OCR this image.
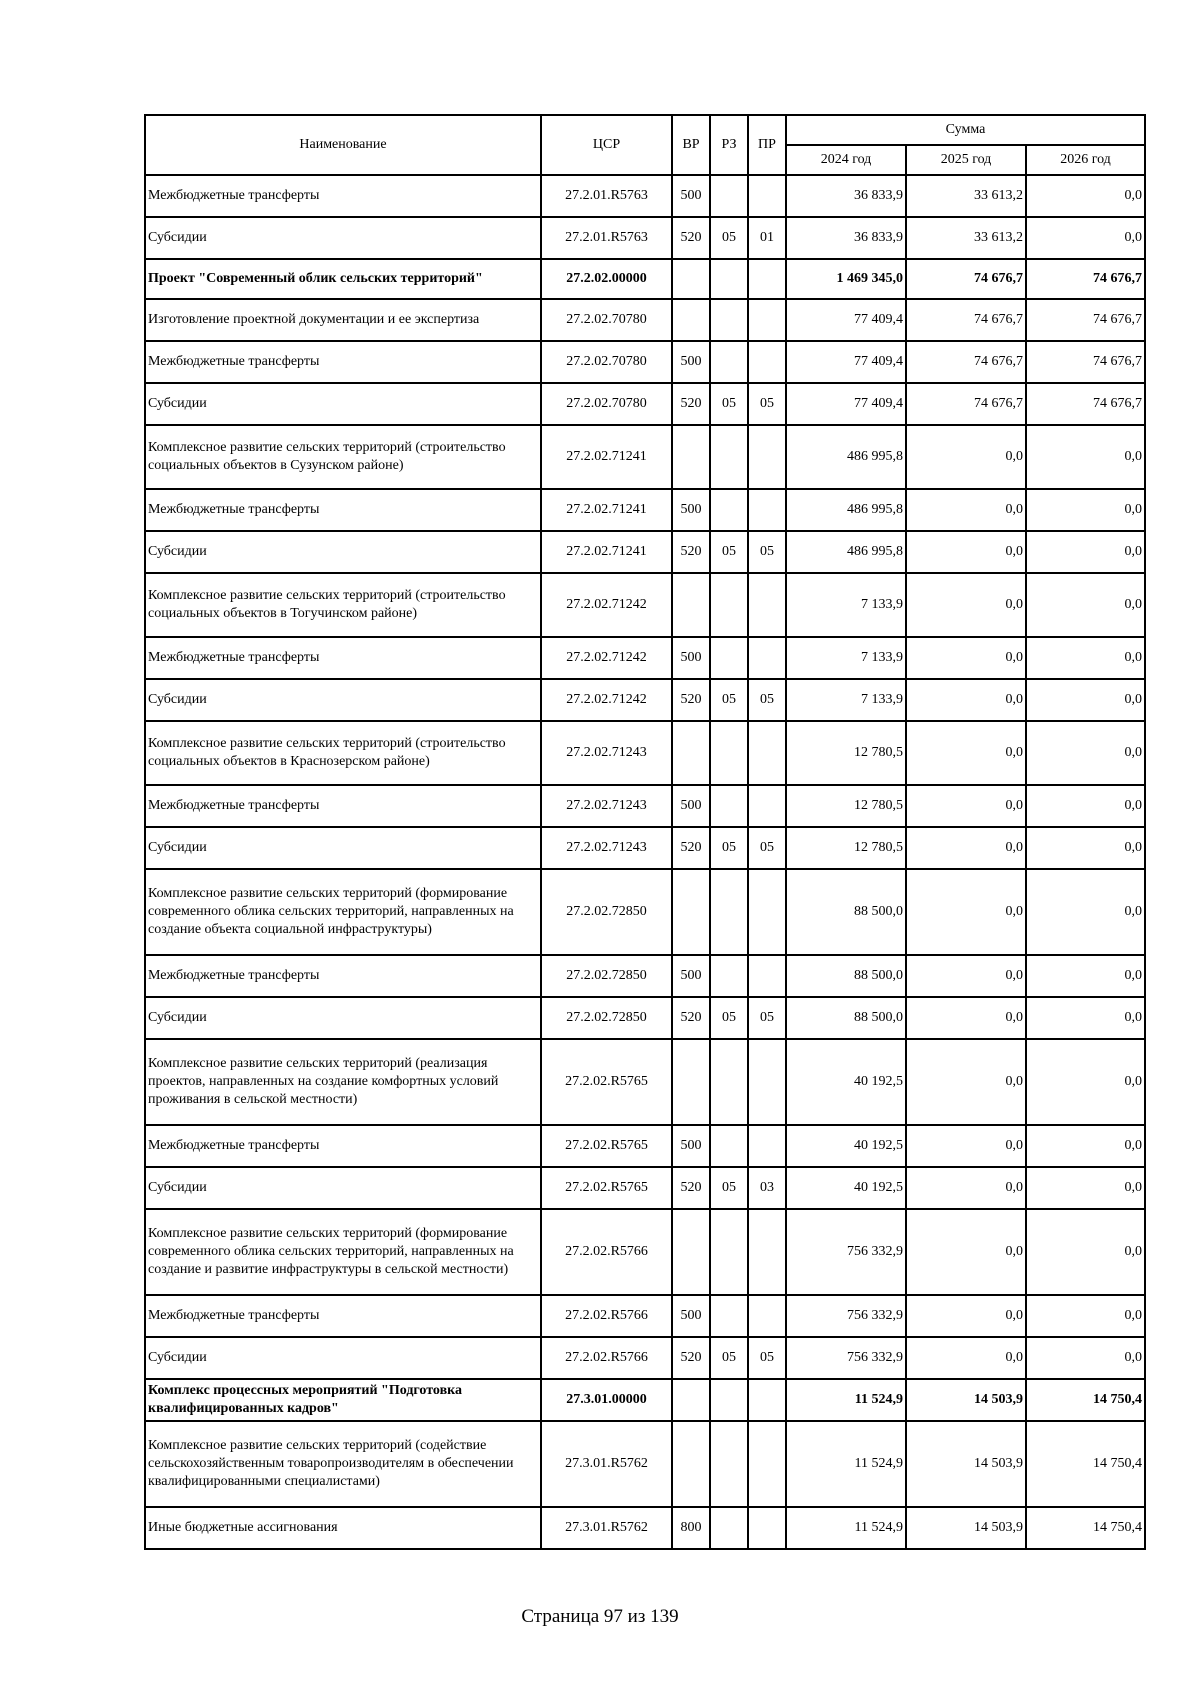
Наименование	ЦСР	ВР	РЗ	ПР	Сумма		
					2024 год	2025 год	2026 год
Межбюджетные трансферты	27.2.01.R5763	500			36 833,9	33 613,2	0,0
Субсидии	27.2.01.R5763	520	05	01	36 833,9	33 613,2	0,0
Проект "Современный облик сельских территорий"	27.2.02.00000				1 469 345,0	74 676,7	74 676,7
Изготовление проектной документации и ее экспертиза	27.2.02.70780				77 409,4	74 676,7	74 676,7
Межбюджетные трансферты	27.2.02.70780	500			77 409,4	74 676,7	74 676,7
Субсидии	27.2.02.70780	520	05	05	77 409,4	74 676,7	74 676,7
Комплексное развитие сельских территорий (строительство социальных объектов в Сузунском районе)	27.2.02.71241				486 995,8	0,0	0,0
Межбюджетные трансферты	27.2.02.71241	500			486 995,8	0,0	0,0
Субсидии	27.2.02.71241	520	05	05	486 995,8	0,0	0,0
Комплексное развитие сельских территорий (строительство социальных объектов в Тогучинском районе)	27.2.02.71242				7 133,9	0,0	0,0
Межбюджетные трансферты	27.2.02.71242	500			7 133,9	0,0	0,0
Субсидии	27.2.02.71242	520	05	05	7 133,9	0,0	0,0
Комплексное развитие сельских территорий (строительство социальных объектов в Краснозерском районе)	27.2.02.71243				12 780,5	0,0	0,0
Межбюджетные трансферты	27.2.02.71243	500			12 780,5	0,0	0,0
Субсидии	27.2.02.71243	520	05	05	12 780,5	0,0	0,0
Комплексное развитие сельских территорий (формирование современного облика сельских территорий, направленных на создание объекта социальной инфраструктуры)	27.2.02.72850				88 500,0	0,0	0,0
Межбюджетные трансферты	27.2.02.72850	500			88 500,0	0,0	0,0
Субсидии	27.2.02.72850	520	05	05	88 500,0	0,0	0,0
Комплексное развитие сельских территорий (реализация проектов, направленных на создание комфортных условий проживания в сельской местности)	27.2.02.R5765				40 192,5	0,0	0,0
Межбюджетные трансферты	27.2.02.R5765	500			40 192,5	0,0	0,0
Субсидии	27.2.02.R5765	520	05	03	40 192,5	0,0	0,0
Комплексное развитие сельских территорий (формирование современного облика сельских территорий, направленных на создание и развитие инфраструктуры в сельской местности)	27.2.02.R5766				756 332,9	0,0	0,0
Межбюджетные трансферты	27.2.02.R5766	500			756 332,9	0,0	0,0
Субсидии	27.2.02.R5766	520	05	05	756 332,9	0,0	0,0
Комплекс процессных мероприятий "Подготовка квалифицированных кадров"	27.3.01.00000				11 524,9	14 503,9	14 750,4
Комплексное развитие сельских территорий (содействие сельскохозяйственным товаропроизводителям в обеспечении квалифицированными специалистами)	27.3.01.R5762				11 524,9	14 503,9	14 750,4
Иные бюджетные ассигнования	27.3.01.R5762	800			11 524,9	14 503,9	14 750,4
Страница 97 из 139
